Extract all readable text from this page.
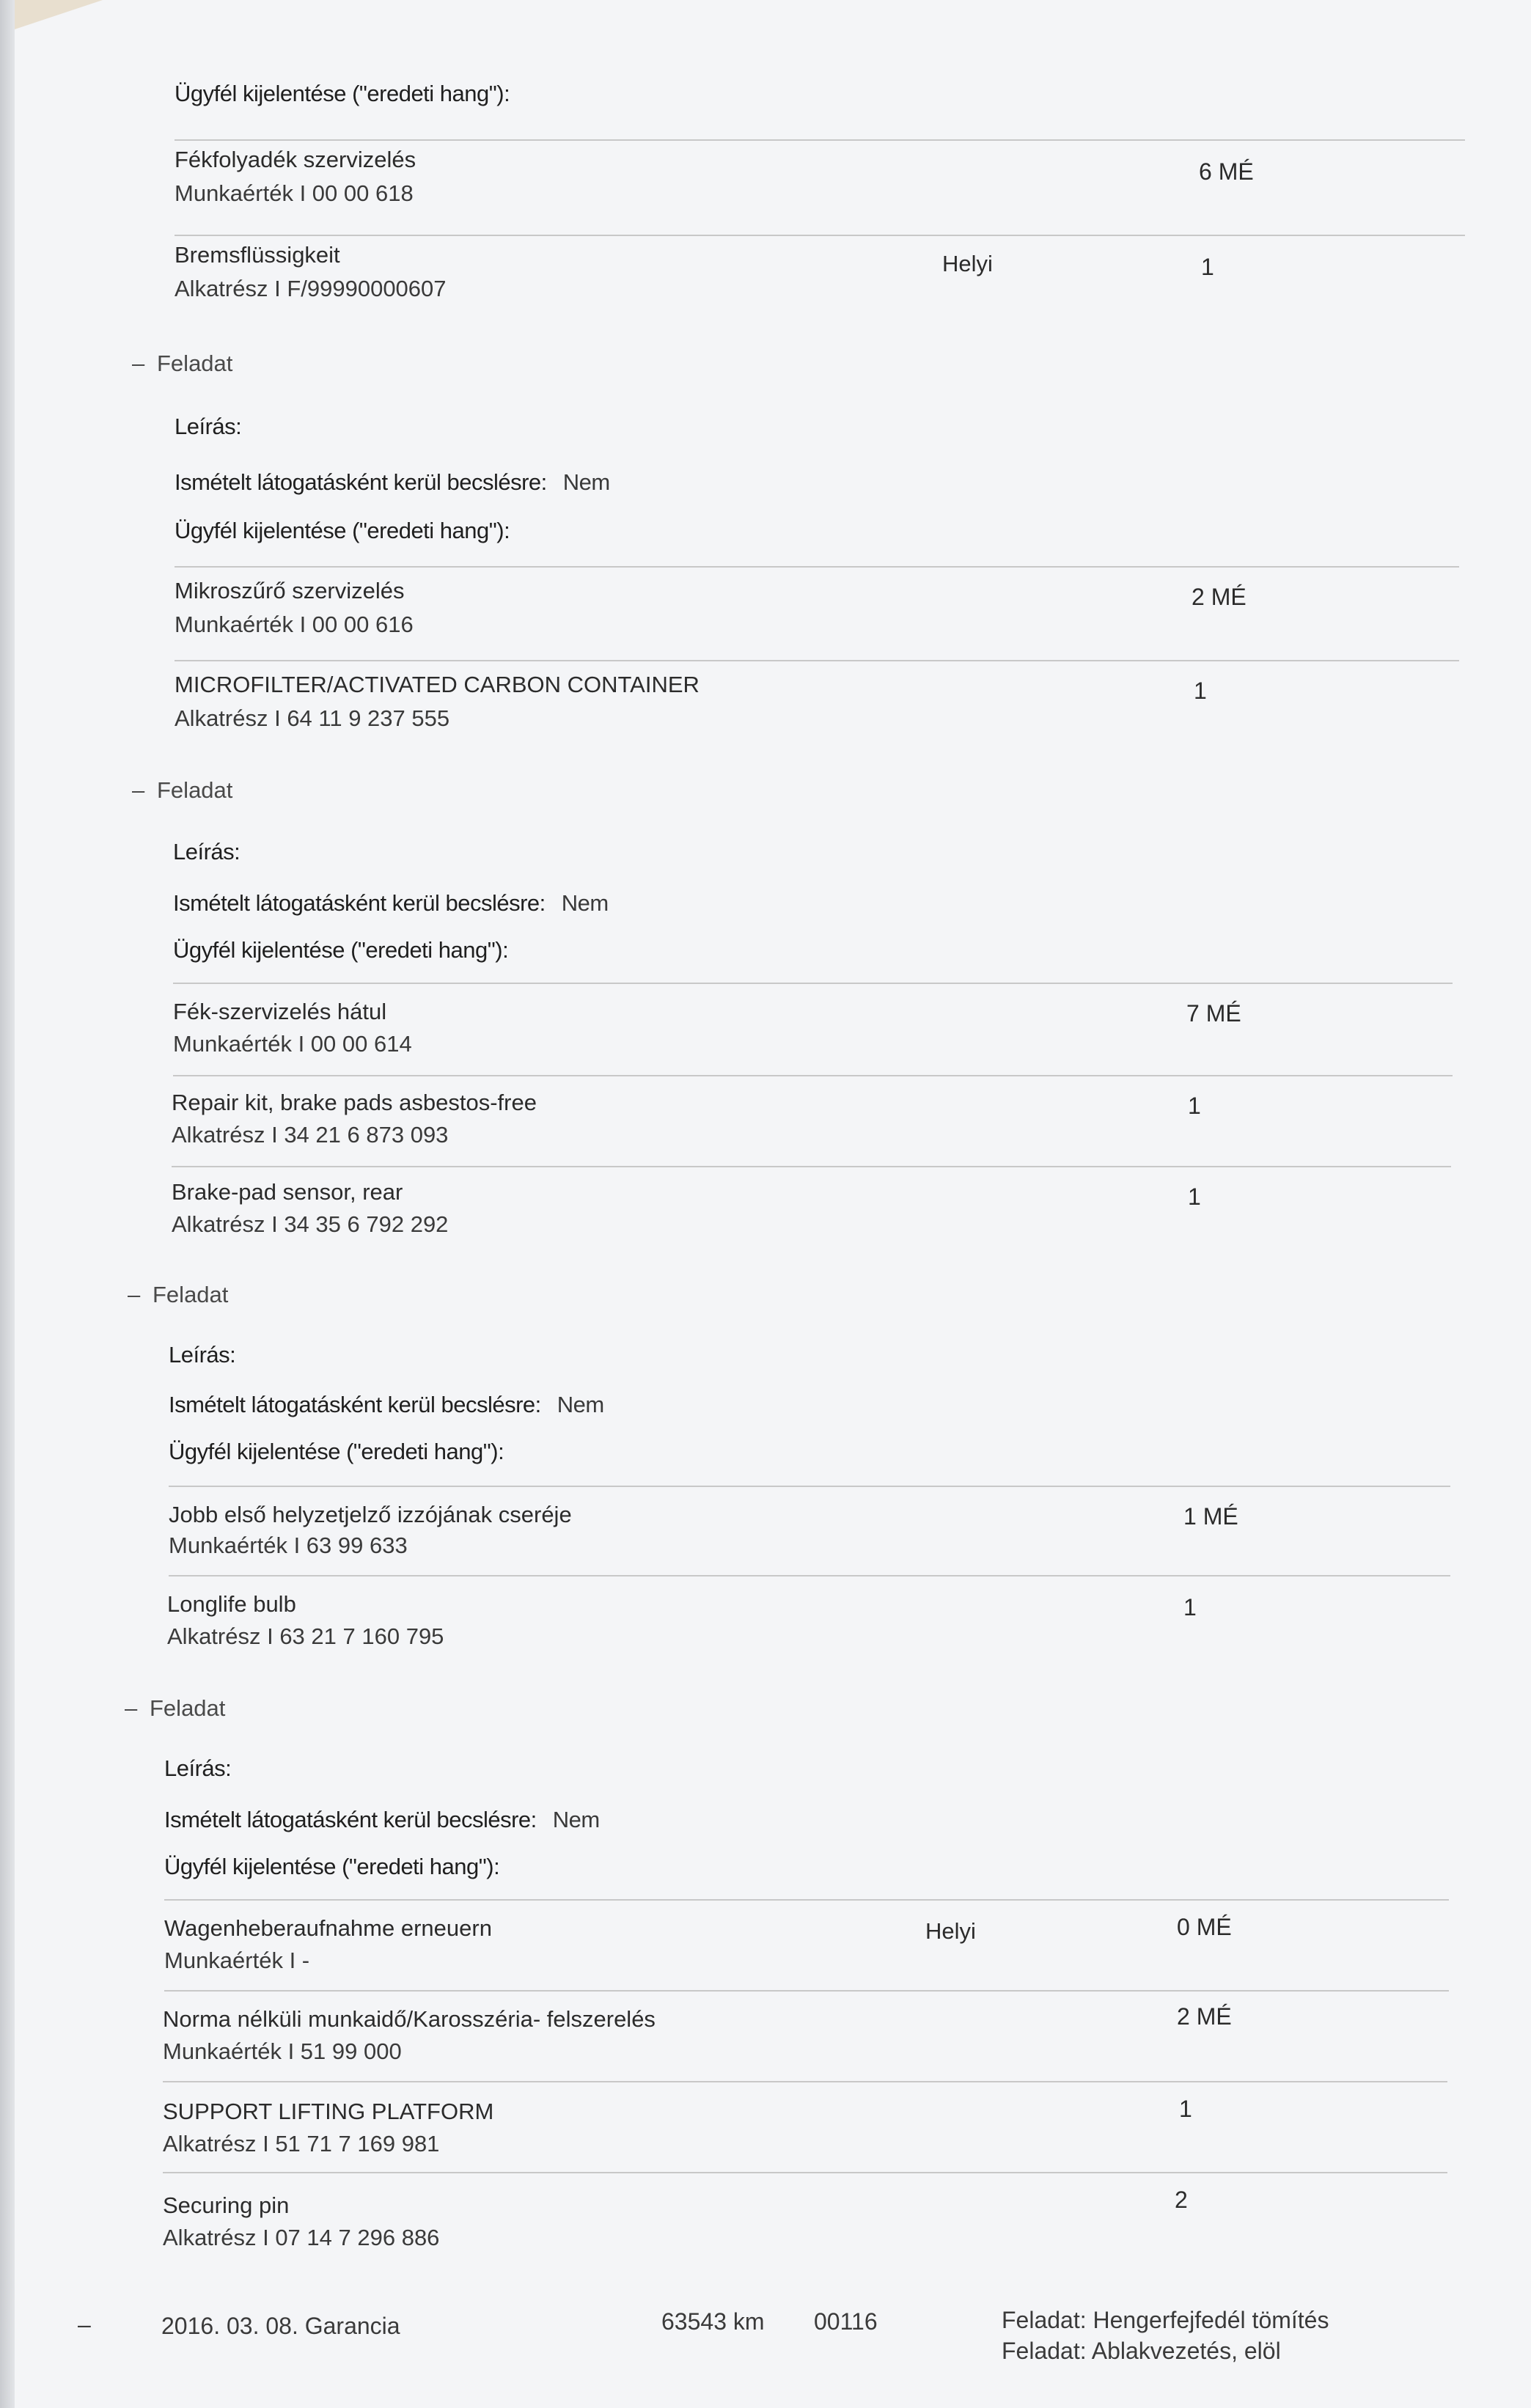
Ügyfél kijelentése ("eredeti hang"):
Fékfolyadék szervizelés
Munkaérték I 00 00 618
6 MÉ
Bremsflüssigkeit
Alkatrész I F/99990000607
Helyi	1
– Feladat
Leírás:
Ismételt látogatásként kerül becslésre: Nem
Ügyfél kijelentése ("eredeti hang"):
Mikroszűrő szervizelés
Munkaérték I 00 00 616
2 MÉ
MICROFILTER/ACTIVATED CARBON CONTAINER
Alkatrész I 64 11 9 237 555
1
– Feladat
Leírás:
Ismételt látogatásként kerül becslésre: Nem
Ügyfél kijelentése ("eredeti hang"):
Fék-szervizelés hátul
Munkaérték I 00 00 614
7 MÉ
Repair kit, brake pads asbestos-free
Alkatrész I 34 21 6 873 093
1
Brake-pad sensor, rear
Alkatrész I 34 35 6 792 292
1
– Feladat
Leírás:
Ismételt látogatásként kerül becslésre: Nem
Ügyfél kijelentése ("eredeti hang"):
Jobb első helyzetjelző izzójának cseréje
Munkaérték I 63 99 633
1 MÉ
Longlife bulb
Alkatrész I 63 21 7 160 795
1
– Feladat
Leírás:
Ismételt látogatásként kerül becslésre: Nem
Ügyfél kijelentése ("eredeti hang"):
Wagenheberaufnahme erneuern
Munkaérték I -
Helyi	0 MÉ
Norma nélküli munkaidő/Karosszéria- felszerelés
Munkaérték I 51 99 000
2 MÉ
SUPPORT LIFTING PLATFORM
Alkatrész I 51 71 7 169 981
1
Securing pin
Alkatrész I 07 14 7 296 886
2
–	2016. 03. 08. Garancia	63543 km 00116	Feladat: Hengerfejfedél tömítés
Feladat: Ablakvezetés, elöl
